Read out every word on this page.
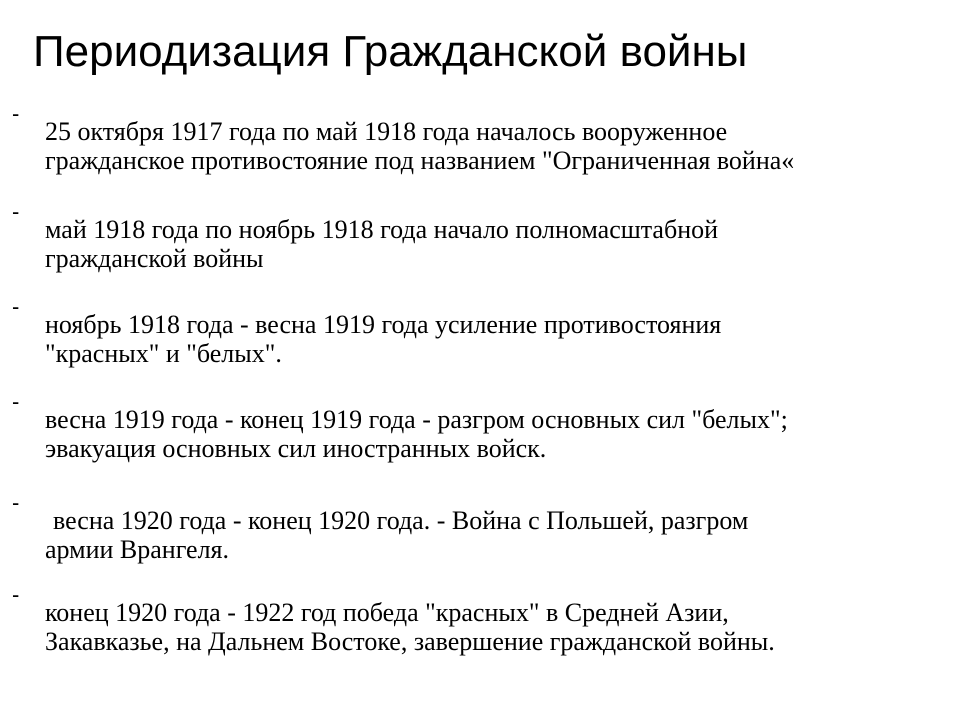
Периодизация Гражданской войны
-
25 октября 1917 года по май 1918 года началось вооруженное
гражданское противостояние под названием "Ограниченная война«
-
май 1918 года по ноябрь 1918 года начало полномасштабной
гражданской войны
-
ноябрь 1918 года - весна 1919 года усиление противостояния
"красных" и "белых".
-
весна 1919 года - конец 1919 года - разгром основных сил "белых";
эвакуация основных сил иностранных войск.
-
весна 1920 года - конец 1920 года. - Война с Польшей, разгром
армии Врангеля.
-
конец 1920 года - 1922 год победа "красных" в Средней Азии,
Закавказье, на Дальнем Востоке, завершение гражданской войны.
